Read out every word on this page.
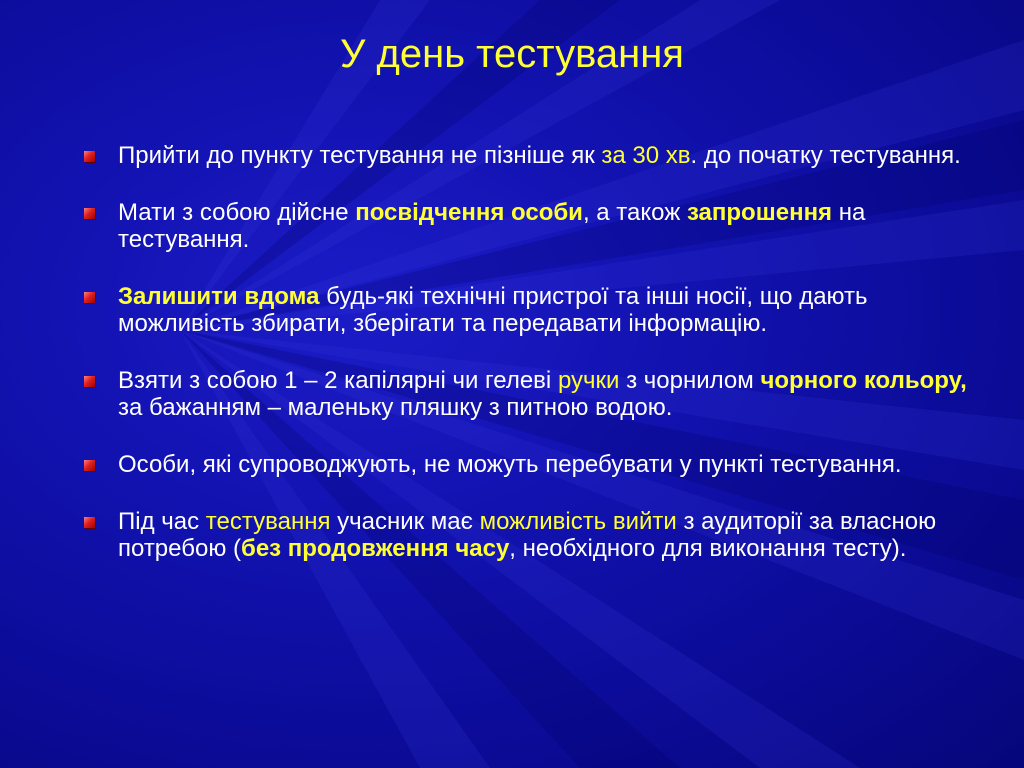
У день тестування
Прийти до пункту тестування не пізніше як за 30 хв. до початку тестування.
Мати з собою дійсне посвідчення особи, а також запрошення на тестування.
Залишити вдома будь-які технічні пристрої та інші носії, що дають можливість збирати, зберігати та передавати інформацію.
Взяти з собою 1 – 2 капілярні чи гелеві ручки з чорнилом чорного кольору, за бажанням – маленьку пляшку з питною водою.
Особи, які супроводжують, не можуть перебувати у пункті тестування.
Під час тестування учасник має можливість вийти з аудиторії за власною потребою (без продовження часу, необхідного для виконання тесту).
